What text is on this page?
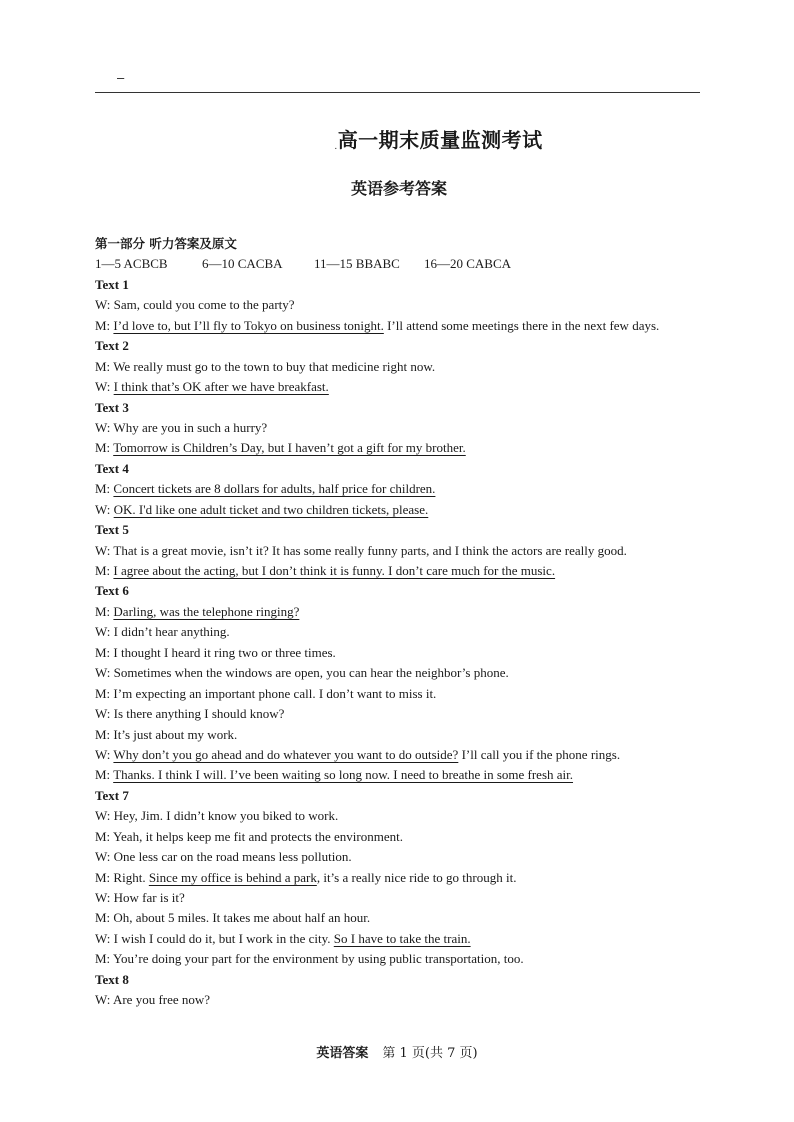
–
.高一期末质量监测考试
英语参考答案
第一部分 听力答案及原文
1—5 ACBCB	6—10 CACBA 11—15 BBABC 16—20 CABCA
Text 1
W: Sam, could you come to the party?
M: I’d love to, but I’ll fly to Tokyo on business tonight. I’ll attend some meetings there in the next few days.
Text 2
M: We really must go to the town to buy that medicine right now.
W: I think that’s OK after we have breakfast.
Text 3
W: Why are you in such a hurry?
M: Tomorrow is Children’s Day, but I haven’t got a gift for my brother.
Text 4
M: Concert tickets are 8 dollars for adults, half price for children.
W: OK. I'd like one adult ticket and two children tickets, please.
Text 5
W: That is a great movie, isn’t it? It has some really funny parts, and I think the actors are really good.
M: I agree about the acting, but I don’t think it is funny. I don’t care much for the music.
Text 6
M: Darling, was the telephone ringing?
W: I didn’t hear anything.
M: I thought I heard it ring two or three times.
W: Sometimes when the windows are open, you can hear the neighbor’s phone.
M: I’m expecting an important phone call. I don’t want to miss it.
W: Is there anything I should know?
M: It’s just about my work.
W: Why don’t you go ahead and do whatever you want to do outside? I’ll call you if the phone rings.
M: Thanks. I think I will. I’ve been waiting so long now. I need to breathe in some fresh air.
Text 7
W: Hey, Jim. I didn’t know you biked to work.
M: Yeah, it helps keep me fit and protects the environment.
W: One less car on the road means less pollution.
M: Right. Since my office is behind a park, it’s a really nice ride to go through it.
W: How far is it?
M: Oh, about 5 miles. It takes me about half an hour.
W: I wish I could do it, but I work in the city. So I have to take the train.
M: You’re doing your part for the environment by using public transportation, too.
Text 8
W: Are you free now?
英语答案 第 1 页(共 7 页)
